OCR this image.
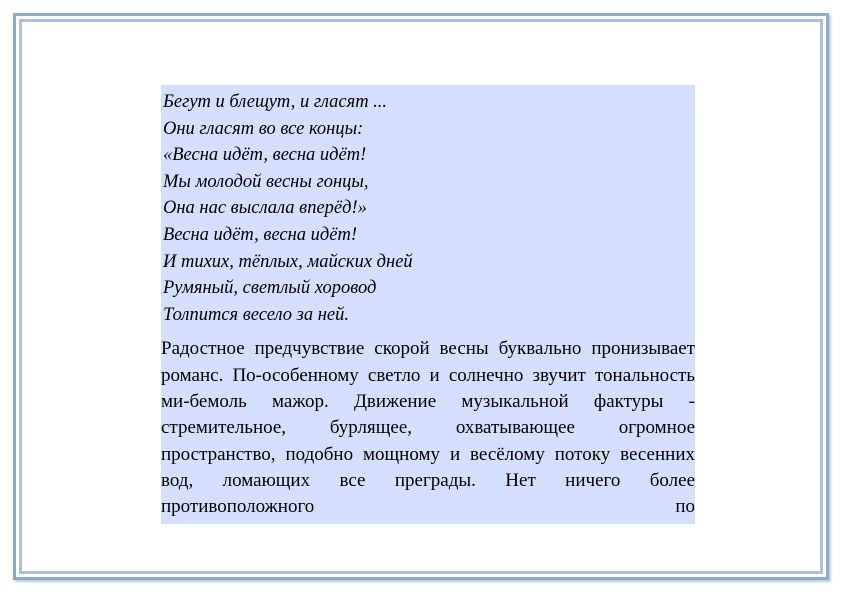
Бегут и блещут, и гласят ...
Они гласят во все концы:
«Весна идёт, весна идёт!
Мы молодой весны гонцы,
Она нас выслала вперёд!»
Весна идёт, весна идёт!
И тихих, тёплых, майских дней
Румяный, светлый хоровод
Толпится весело за ней.

Радостное предчувствие скорой весны буквально пронизывает романс. По-особенному светло и солнечно звучит тональность ми-бемоль мажор. Движение музыкальной фактуры - стремительное, бурлящее, охватывающее огромное пространство, подобно мощному и весёлому потоку весенних вод, ломающих все преграды. Нет ничего более противоположного по
